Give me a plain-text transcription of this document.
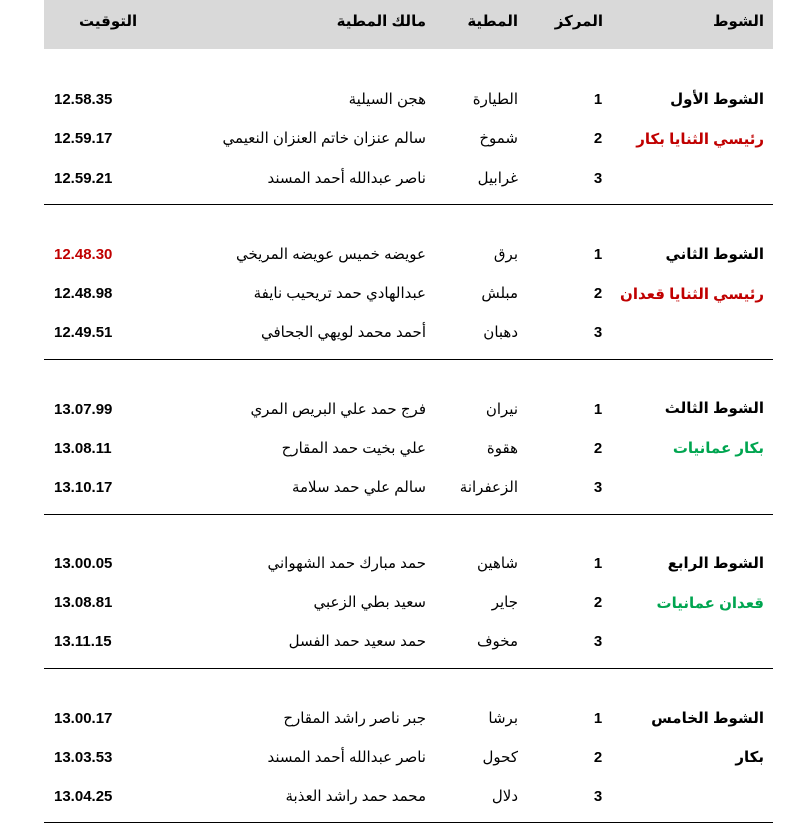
الشوط
المركز
المطية
مالك المطية
التوقيت
الشوط الأول
رئيسي الثنايا بكار
1
الطيارة
هجن السيلية
12.58.35
2
شموخ
سالم عنزان خاتم العنزان النعيمي
12.59.17
3
غرابيل
ناصر عبدالله أحمد المسند
12.59.21
الشوط الثاني
رئيسي الثنايا قعدان
1
برق
عويضه خميس عويضه المريخي
12.48.30
2
مبلش
عبدالهادي حمد تريحيب نايفة
12.48.98
3
دهبان
أحمد محمد لويهي الجحافي
12.49.51
الشوط الثالث
بكار عمانيات
1
نيران
فرج حمد علي البريص المري
13.07.99
2
هقوة
علي بخيت حمد المقارح
13.08.11
3
الزعفرانة
سالم علي حمد سلامة
13.10.17
الشوط الرابع
قعدان عمانيات
1
شاهين
حمد مبارك حمد الشهواني
13.00.05
2
جاير
سعيد بطي الزعبي
13.08.81
3
مخوف
حمد سعيد حمد الفسل
13.11.15
الشوط الخامس
بكار
1
برشا
جبر ناصر راشد المقارح
13.00.17
2
كحول
ناصر عبدالله أحمد المسند
13.03.53
3
دلال
محمد حمد راشد العذبة
13.04.25
